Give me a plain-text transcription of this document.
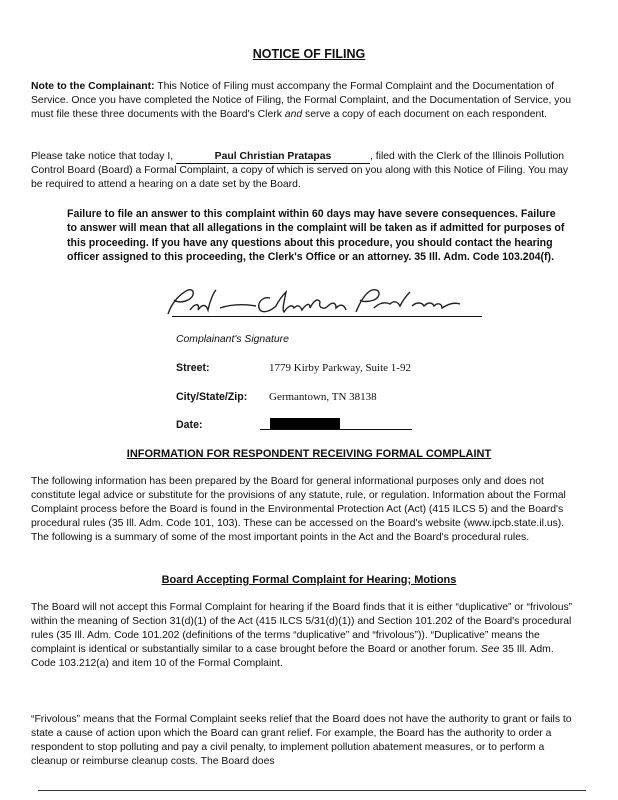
NOTICE OF FILING

Note to the Complainant: This Notice of Filing must accompany the Formal Complaint and the Documentation of Service. Once you have completed the Notice of Filing, the Formal Complaint, and the Documentation of Service, you must file these three documents with the Board's Clerk and serve a copy of each document on each respondent.

Please take notice that today I,	Paul Christian Pratapas	, filed with the Clerk of the Illinois Pollution Control Board (Board) a Formal Complaint, a copy of which is served on you along with this Notice of Filing. You may be required to attend a hearing on a date set by the Board.

Failure to file an answer to this complaint within 60 days may have severe consequences. Failure to answer will mean that all allegations in the complaint will be taken as if admitted for purposes of this proceeding. If you have any questions about this procedure, you should contact the hearing officer assigned to this proceeding, the Clerk's Office or an attorney. 35 Ill. Adm. Code 103.204(f).

Complainant's Signature
Street:	1779 Kirby Parkway, Suite 1-92
City/State/Zip: Germantown, TN 38138
Date:
INFORMATION FOR RESPONDENT RECEIVING FORMAL COMPLAINT

The following information has been prepared by the Board for general informational purposes only and does not constitute legal advice or substitute for the provisions of any statute, rule, or regulation. Information about the Formal Complaint process before the Board is found in the Environmental Protection Act (Act) (415 ILCS 5) and the Board's procedural rules (35 Ill. Adm. Code 101, 103). These can be accessed on the Board's website (www.ipcb.state.il.us). The following is a summary of some of the most important points in the Act and the Board's procedural rules.

Board Accepting Formal Complaint for Hearing; Motions

The Board will not accept this Formal Complaint for hearing if the Board finds that it is either “duplicative” or “frivolous” within the meaning of Section 31(d)(1) of the Act (415 ILCS 5/31(d)(1)) and Section 101.202 of the Board's procedural rules (35 Ill. Adm. Code 101.202 (definitions of the terms “duplicative” and “frivolous”)). “Duplicative” means the complaint is identical or substantially similar to a case brought before the Board or another forum. See 35 Ill. Adm. Code 103.212(a) and item 10 of the Formal Complaint.

“Frivolous” means that the Formal Complaint seeks relief that the Board does not have the authority to grant or fails to state a cause of action upon which the Board can grant relief. For example, the Board has the authority to order a respondent to stop polluting and pay a civil penalty, to implement pollution abatement measures, or to perform a cleanup or reimburse cleanup costs. The Board does
